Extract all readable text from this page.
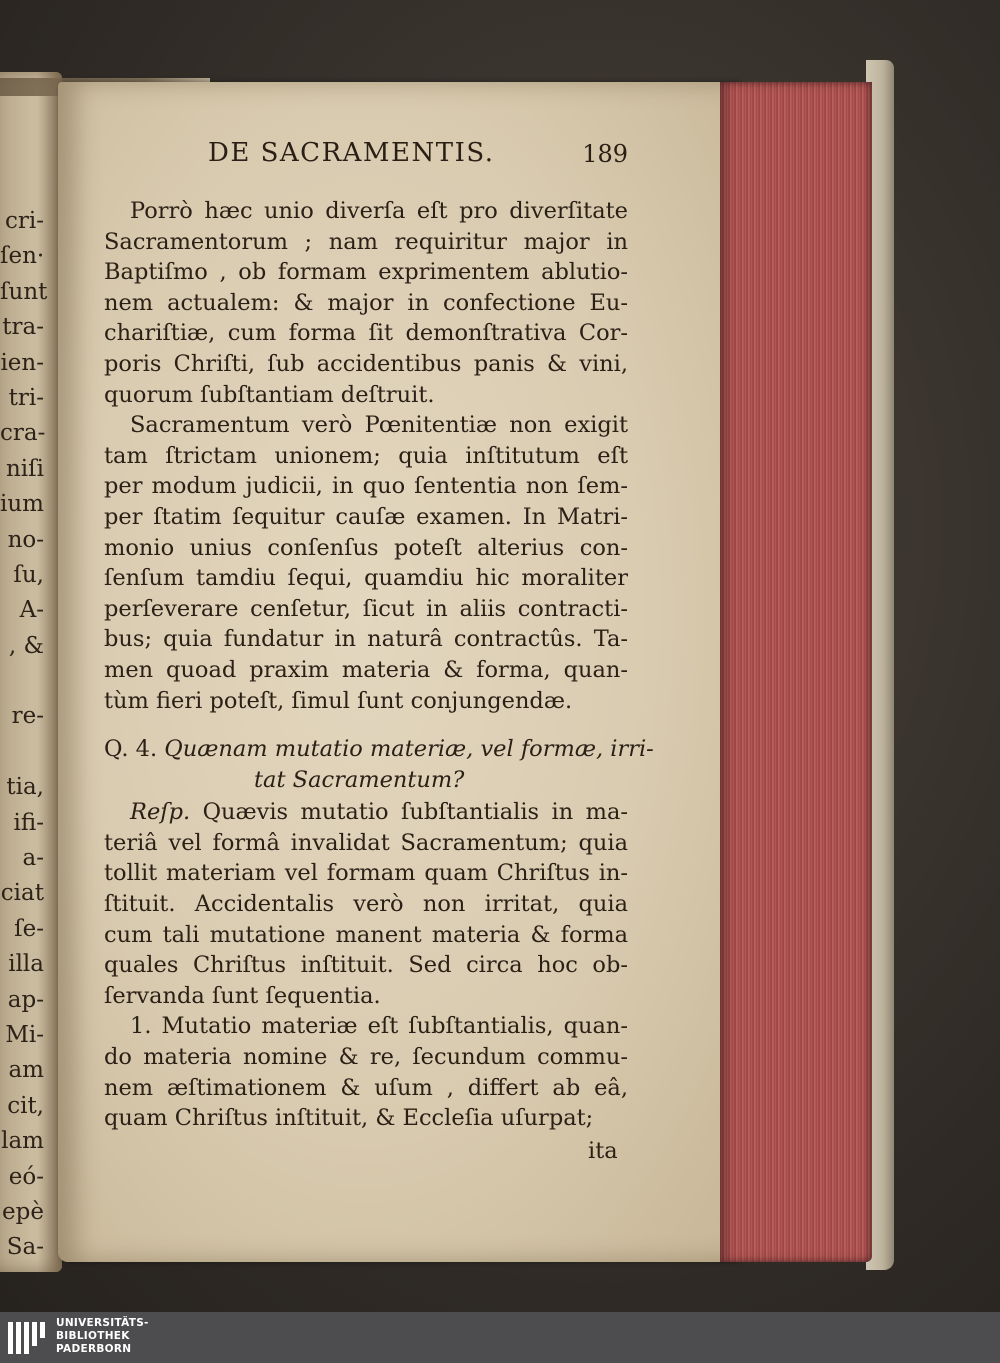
cri-
ſen·
ſunt
tra-
ien-
tri-
cra-
niſi
ium
no-
ſu,
A-
, &
re-
tia,
ifi-
a-
ciat
ſe-
illa
ap-
Mi-
am
cit,
lam
eó-
epè
Sa-
DE SACRAMENTIS.	189

Porrò hæc unio diverſa eſt pro diverſitate
Sacramentorum ; nam requiritur major in
Baptiſmo , ob formam exprimentem ablutio-
nem actualem: & major in confectione Eu-
chariſtiæ, cum forma ſit demonſtrativa Cor-
poris Chriſti, ſub accidentibus panis & vini,
quorum ſubſtantiam deſtruit.

Sacramentum verò Pœnitentiæ non exigit
tam ſtrictam unionem; quia inſtitutum eſt
per modum judicii, in quo ſententia non ſem-
per ſtatim ſequitur cauſæ examen. In Matri-
monio unius conſenſus poteſt alterius con-
ſenſum tamdiu ſequi, quamdiu hic moraliter
perſeverare cenſetur, ſicut in aliis contracti-
bus; quia fundatur in naturâ contractûs. Ta-
men quoad praxim materia & forma, quan-
tùm fieri poteſt, ſimul ſunt conjungendæ.

Q. 4. Quænam mutatio materiæ, vel formæ, irri-
tat Sacramentum?

Reſp. Quævis mutatio ſubſtantialis in ma-
teriâ vel formâ invalidat Sacramentum; quia
tollit materiam vel formam quam Chriſtus in-
ſtituit. Accidentalis verò non irritat, quia
cum tali mutatione manent materia & forma
quales Chriſtus inſtituit. Sed circa hoc ob-
ſervanda ſunt ſequentia.

1. Mutatio materiæ eſt ſubſtantialis, quan-
do materia nomine & re, ſecundum commu-
nem æſtimationem & uſum , differt ab eâ,
quam Chriſtus inſtituit, & Eccleſia uſurpat;

ita
UNIVERSITÄTS-
BIBLIOTHEK
PADERBORN
